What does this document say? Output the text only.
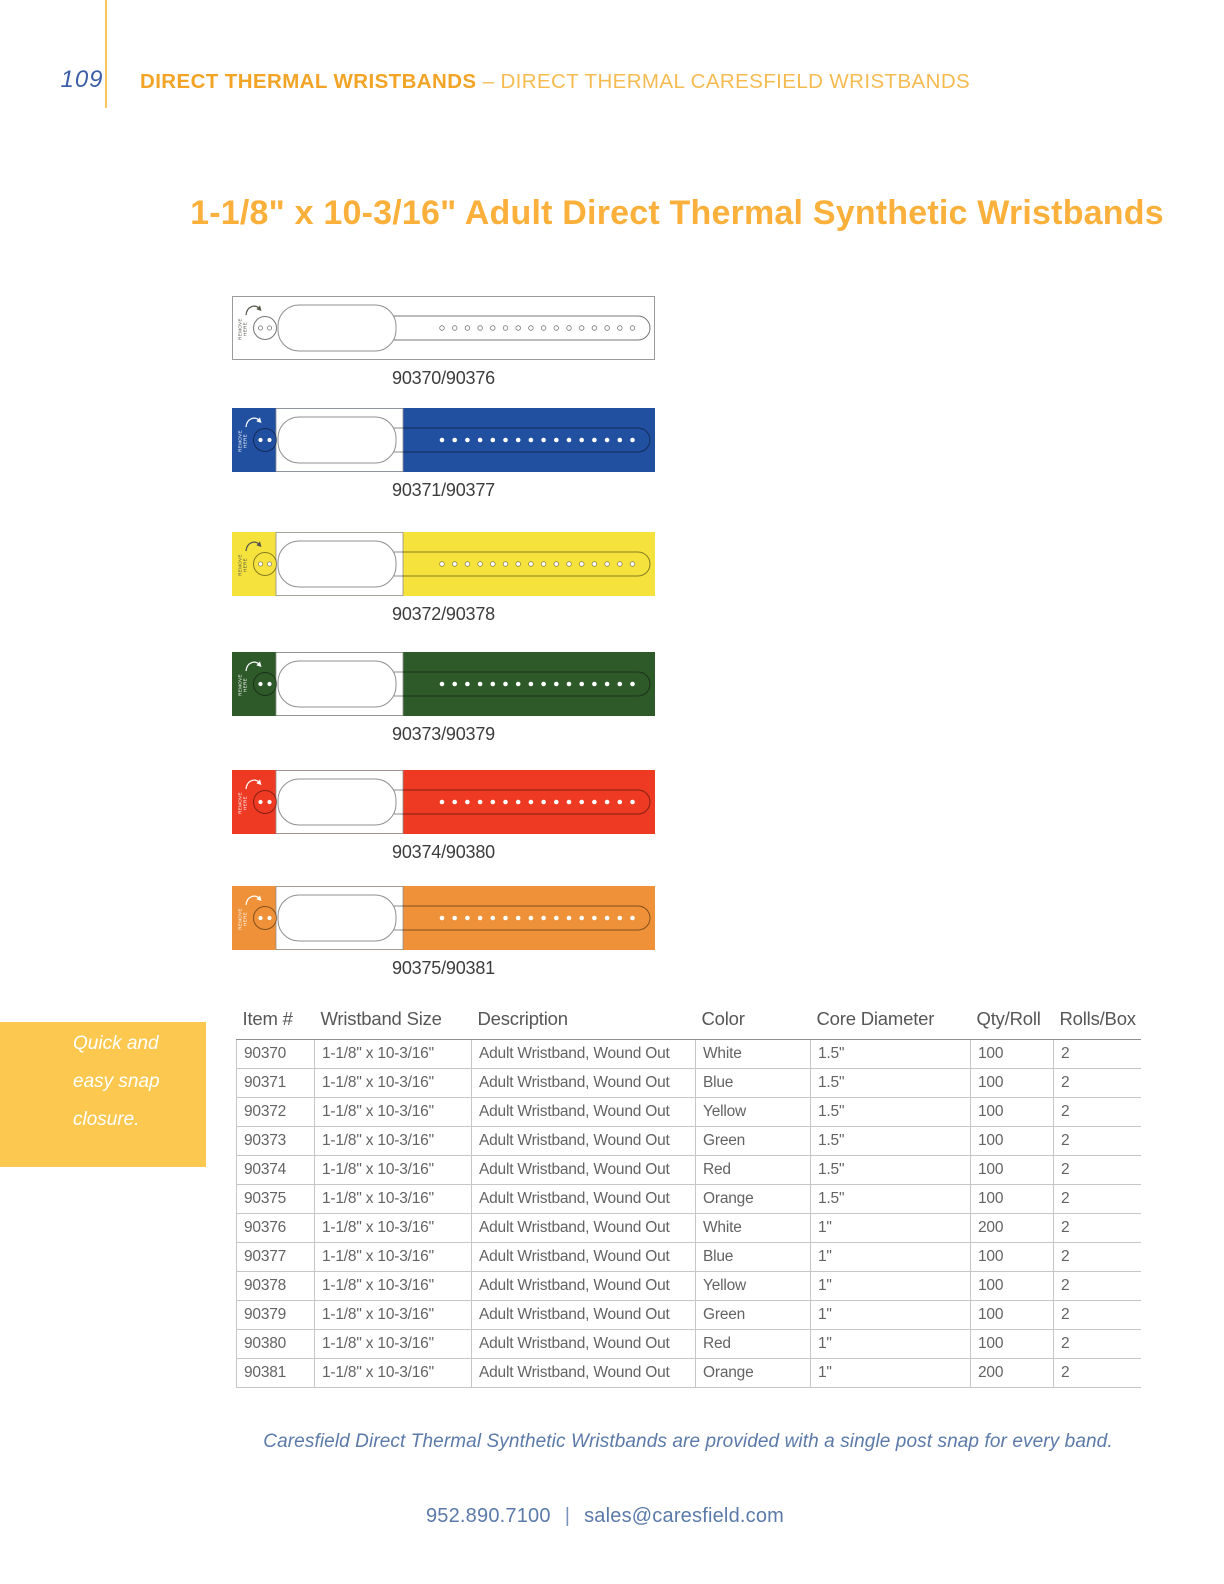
109 DIRECT THERMAL WRISTBANDS – DIRECT THERMAL CARESFIELD WRISTBANDS
1-1/8" x 10-3/16" Adult Direct Thermal Synthetic Wristbands
REMOVEHERE
90370/90376
REMOVEHERE
90371/90377
REMOVEHERE
90372/90378
REMOVEHERE
90373/90379
REMOVEHERE
90374/90380
REMOVEHERE
90375/90381
Quick and easy snap closure.
Item #	Wristband Size	Description	Color	Core Diameter	Qty/Roll	Rolls/Box
90370	1-1/8" x 10-3/16"	Adult Wristband, Wound Out	White	1.5"	100	2
90371	1-1/8" x 10-3/16"	Adult Wristband, Wound Out	Blue	1.5"	100	2
90372	1-1/8" x 10-3/16"	Adult Wristband, Wound Out	Yellow	1.5"	100	2
90373	1-1/8" x 10-3/16"	Adult Wristband, Wound Out	Green	1.5"	100	2
90374	1-1/8" x 10-3/16"	Adult Wristband, Wound Out	Red	1.5"	100	2
90375	1-1/8" x 10-3/16"	Adult Wristband, Wound Out	Orange	1.5"	100	2
90376	1-1/8" x 10-3/16"	Adult Wristband, Wound Out	White	1"	200	2
90377	1-1/8" x 10-3/16"	Adult Wristband, Wound Out	Blue	1"	100	2
90378	1-1/8" x 10-3/16"	Adult Wristband, Wound Out	Yellow	1"	100	2
90379	1-1/8" x 10-3/16"	Adult Wristband, Wound Out	Green	1"	100	2
90380	1-1/8" x 10-3/16"	Adult Wristband, Wound Out	Red	1"	100	2
90381	1-1/8" x 10-3/16"	Adult Wristband, Wound Out	Orange	1"	200	2
Caresfield Direct Thermal Synthetic Wristbands are provided with a single post snap for every band.
952.890.7100 | sales@caresfield.com
